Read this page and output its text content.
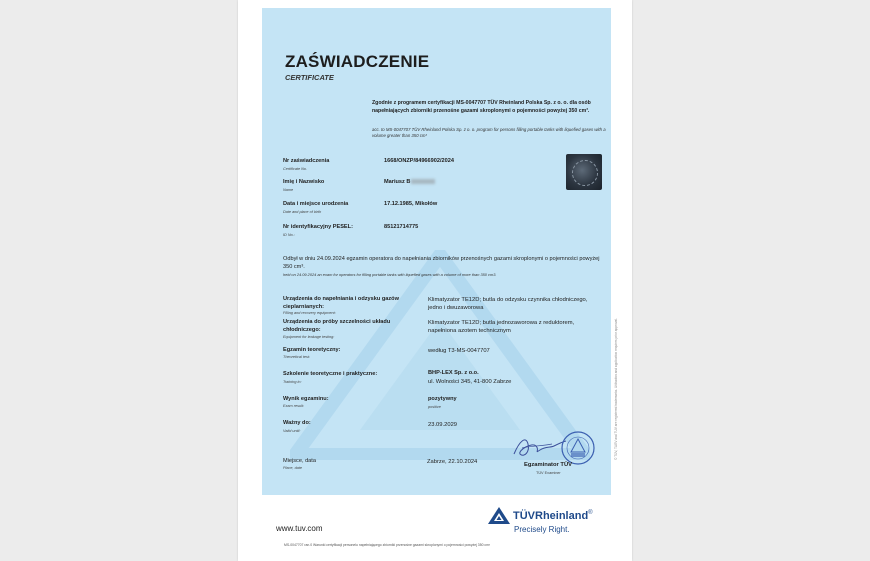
ZAŚWIADCZENIE
CERTIFICATE
Zgodnie z programem certyfikacji MS-0047707 TÜV Rheinland Polska Sp. z o. o. dla osób napełniających zbiorniki przenośne gazami skroplonymi o pojemności powyżej 350 cm³.
acc. to MS-0047707 TÜV Rheinland Polska Sp. z o. o. program for persons filling portable tanks with liquefied gases with a volume greater than 350 cm³
Nr zaświadczenia
Certificate No.
1668/ONZP/84966902/2024
Imię i Nazwisko
Name
Mariusz B
Data i miejsce urodzenia
Date and place of birth
17.12.1985, Mikołów
Nr identyfikacyjny PESEL:
ID No.:
85121714775
Odbył w dniu 24.09.2024 egzamin operatora do napełniania zbiorników przenośnych gazami skroplonymi o pojemności powyżej 350 cm³.
held on 24.09.2024 an exam for operators for filling portable tanks with liquefied gases with a volume of more than 350 cm3.
Urządzenia do napełniania i odzysku gazów cieplarnianych:
Filling and recovery equipment:
Klimatyzator TE12D; butla do odzysku czynnika chłodniczego, jedno i dwuzaworowa
Urządzenia do próby szczelności układu chłodniczego:
Equipment for leakage testing:
Klimatyzator TE12D; butla jednozaworowa z reduktorem, napełniona azotem technicznym
Egzamin teoretyczny:
Theoretical test:
według T3-MS-0047707
Szkolenie teoretyczne i praktyczne:
Training in:
BHP-LEX Sp. z o.o.
ul. Wolności 345, 41-800 Zabrze
Wynik egzaminu:
Exam result:
pozytywny
positive
Ważny do:
Valid until:
23.09.2029
Miejsce, data
Place, date
Zabrze, 22.10.2024	Egzaminator TÜV
TÜV Examiner
© TÜV, TUEV and TUV are registered trademarks. Utilisation and application requires prior approval.
www.tuv.com
TÜVRheinland®
Precisely Right.
MS-0047707 ran.0 Warunki certyfikacji personelu napełniającego zbiorniki przenośne gazami skroplonymi o pojemności powyżej 350 cm³
